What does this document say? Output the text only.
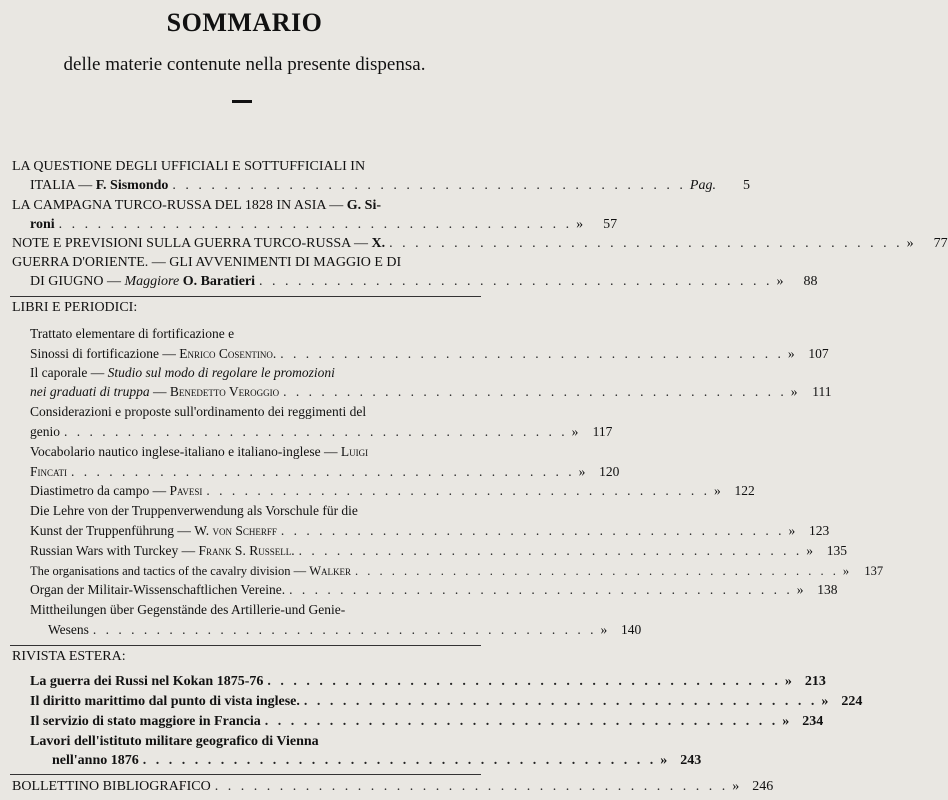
SOMMARIO
delle materie contenute nella presente dispensa.
LA QUESTIONE DEGLI UFFICIALI E SOTTUFFICIALI IN
ITALIA —
F. Sismondo . . . . . . . . . . . . . . . . . . . . . . . . . . . . . . . . . . . . . . . . Pag.	5
LA CAMPAGNA TURCO-RUSSA DEL 1828 IN ASIA —
G. Si-
roni . . . . . . . . . . . . . . . . . . . . . . . . . . . . . . . . . . . . . . . . »	57
NOTE E PREVISIONI SULLA GUERRA TURCO-RUSSA —
X. . . . . . . . . . . . . . . . . . . . . . . . . . . . . . . . . . . . . . . . . »	77
GUERRA D'ORIENTE. — GLI AVVENIMENTI DI MAGGIO E DI
DI GIUGNO —
Maggiore
O. Baratieri . . . . . . . . . . . . . . . . . . . . . . . . . . . . . . . . . . . . . . . . »	88
LIBRI E PERIODICI:
Trattato elementare di fortificazione e
Sinossi di fortificazione —
Enrico Cosentino. . . . . . . . . . . . . . . . . . . . . . . . . . . . . . . . . . . . . . . . . »	107
Il caporale —
Studio sul modo di regolare le promozioni
nei graduati di truppa
— Benedetto Veroggio . . . . . . . . . . . . . . . . . . . . . . . . . . . . . . . . . . . . . . . . »	111
Considerazioni e proposte sull'ordinamento dei reggimenti del
genio . . . . . . . . . . . . . . . . . . . . . . . . . . . . . . . . . . . . . . . . »	117
Vocabolario nautico inglese-italiano e italiano-inglese —
Luigi
Fincati . . . . . . . . . . . . . . . . . . . . . . . . . . . . . . . . . . . . . . . . »	120
Diastimetro da campo —
Pavesi . . . . . . . . . . . . . . . . . . . . . . . . . . . . . . . . . . . . . . . . »	122
Die Lehre von der Truppenverwendung als Vorschule für die
Kunst der Truppenführung —
W. von Scherff . . . . . . . . . . . . . . . . . . . . . . . . . . . . . . . . . . . . . . . . »	123
Russian Wars with Turckey —
Frank S. Russell. . . . . . . . . . . . . . . . . . . . . . . . . . . . . . . . . . . . . . . . . »	135
The organisations and tactics of the cavalry division —
Walker . . . . . . . . . . . . . . . . . . . . . . . . . . . . . . . . . . . . . . . . »	137
Organ der Militair-Wissenschaftlichen Vereine. . . . . . . . . . . . . . . . . . . . . . . . . . . . . . . . . . . . . . . . . »	138
Mittheilungen über Gegenstände des Artillerie-und Genie-
Wesens . . . . . . . . . . . . . . . . . . . . . . . . . . . . . . . . . . . . . . . . »	140
RIVISTA ESTERA:
La guerra dei Russi nel Kokan 1875-76 . . . . . . . . . . . . . . . . . . . . . . . . . . . . . . . . . . . . . . . . » 213
Il diritto marittimo dal punto di vista inglese. . . . . . . . . . . . . . . . . . . . . . . . . . . . . . . . . . . . . . . . . » 224
Il servizio di stato maggiore in Francia . . . . . . . . . . . . . . . . . . . . . . . . . . . . . . . . . . . . . . . . » 234
Lavori dell'istituto militare geografico di Vienna
nell'anno 1876 . . . . . . . . . . . . . . . . . . . . . . . . . . . . . . . . . . . . . . . . » 243
BOLLETTINO BIBLIOGRAFICO . . . . . . . . . . . . . . . . . . . . . . . . . . . . . . . . . . . . . . . . » 246
